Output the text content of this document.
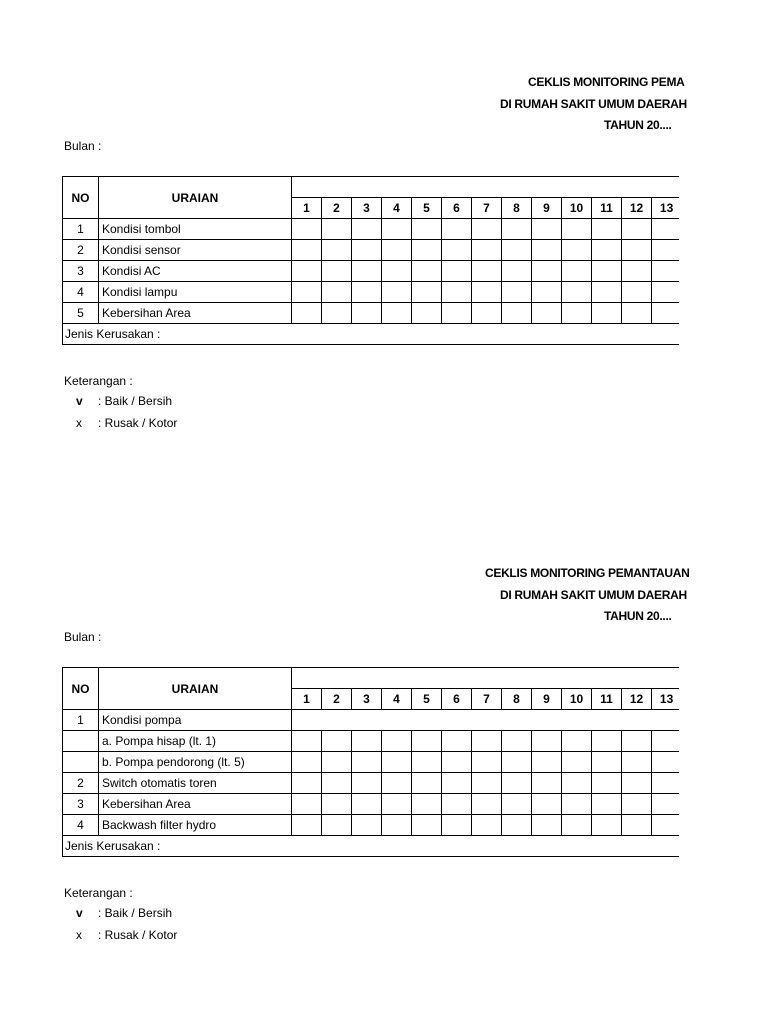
CEKLIS MONITORING PEMA
DI RUMAH SAKIT UMUM DAERAH
TAHUN 20....
Bulan :
NO	URAIAN													
		1	2	3	4	5	6	7	8	9	10	11	12	13
1	Kondisi tombol													
2	Kondisi sensor													
3	Kondisi AC													
4	Kondisi lampu													
5	Kebersihan Area													
Jenis Kerusakan :														
Keterangan :
v : Baik / Bersih
x : Rusak / Kotor
CEKLIS MONITORING PEMANTAUAN
DI RUMAH SAKIT UMUM DAERAH
TAHUN 20....
Bulan :
NO	URAIAN													
		1	2	3	4	5	6	7	8	9	10	11	12	13
1	Kondisi pompa													
	a. Pompa hisap (lt. 1)													
	b. Pompa pendorong (lt. 5)													
2	Switch otomatis toren													
3	Kebersihan Area													
4	Backwash filter hydro													
Jenis Kerusakan :														
Keterangan :
v : Baik / Bersih
x : Rusak / Kotor
